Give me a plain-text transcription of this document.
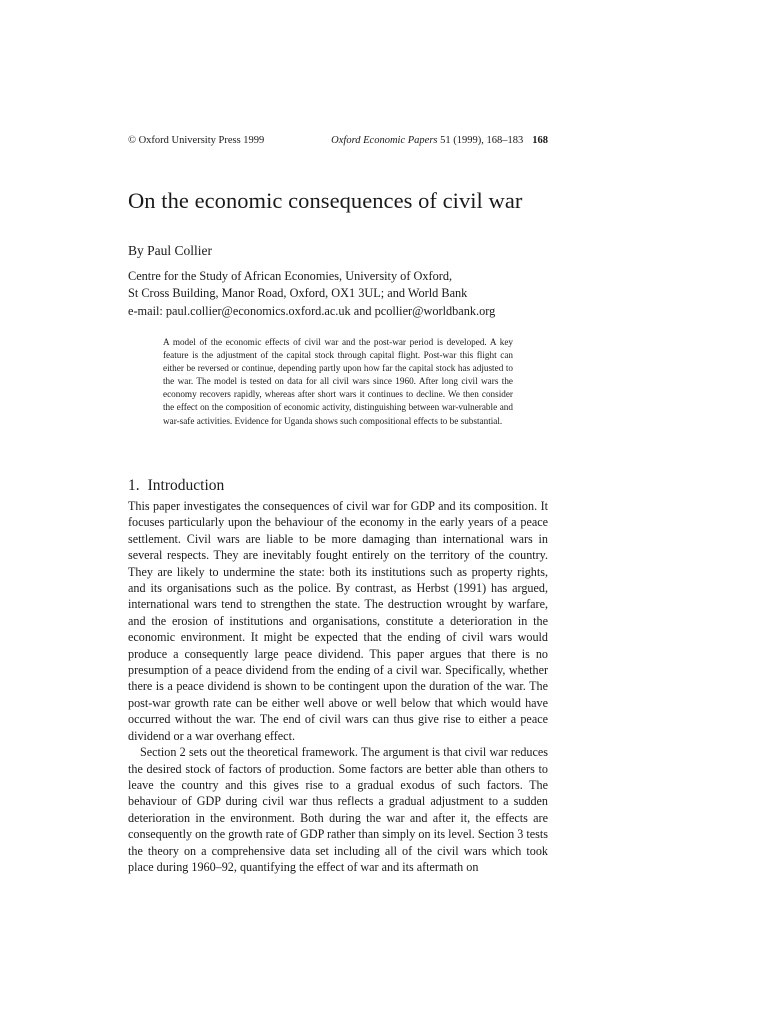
© Oxford University Press 1999	Oxford Economic Papers 51 (1999), 168–183 168
On the economic consequences of civil war
By Paul Collier
Centre for the Study of African Economies, University of Oxford,
St Cross Building, Manor Road, Oxford, OX1 3UL; and World Bank
e-mail: paul.collier@economics.oxford.ac.uk and pcollier@worldbank.org
A model of the economic effects of civil war and the post-war period is developed. A key feature is the adjustment of the capital stock through capital flight. Post-war this flight can either be reversed or continue, depending partly upon how far the capital stock has adjusted to the war. The model is tested on data for all civil wars since 1960. After long civil wars the economy recovers rapidly, whereas after short wars it continues to decline. We then consider the effect on the composition of economic activity, distinguishing between war-vulnerable and war-safe activities. Evidence for Uganda shows such compositional effects to be substantial.
1. Introduction

This paper investigates the consequences of civil war for GDP and its composition. It focuses particularly upon the behaviour of the economy in the early years of a peace settlement. Civil wars are liable to be more damaging than international wars in several respects. They are inevitably fought entirely on the territory of the country. They are likely to undermine the state: both its institutions such as property rights, and its organisations such as the police. By contrast, as Herbst (1991) has argued, international wars tend to strengthen the state. The destruction wrought by warfare, and the erosion of institutions and organisations, constitute a deterioration in the economic environment. It might be expected that the ending of civil wars would produce a consequently large peace dividend. This paper argues that there is no presumption of a peace dividend from the ending of a civil war. Specifically, whether there is a peace dividend is shown to be contingent upon the duration of the war. The post-war growth rate can be either well above or well below that which would have occurred without the war. The end of civil wars can thus give rise to either a peace dividend or a war overhang effect.

Section 2 sets out the theoretical framework. The argument is that civil war reduces the desired stock of factors of production. Some factors are better able than others to leave the country and this gives rise to a gradual exodus of such factors. The behaviour of GDP during civil war thus reflects a gradual adjustment to a sudden deterioration in the environment. Both during the war and after it, the effects are consequently on the growth rate of GDP rather than simply on its level. Section 3 tests the theory on a comprehensive data set including all of the civil wars which took place during 1960–92, quantifying the effect of war and its aftermath on
